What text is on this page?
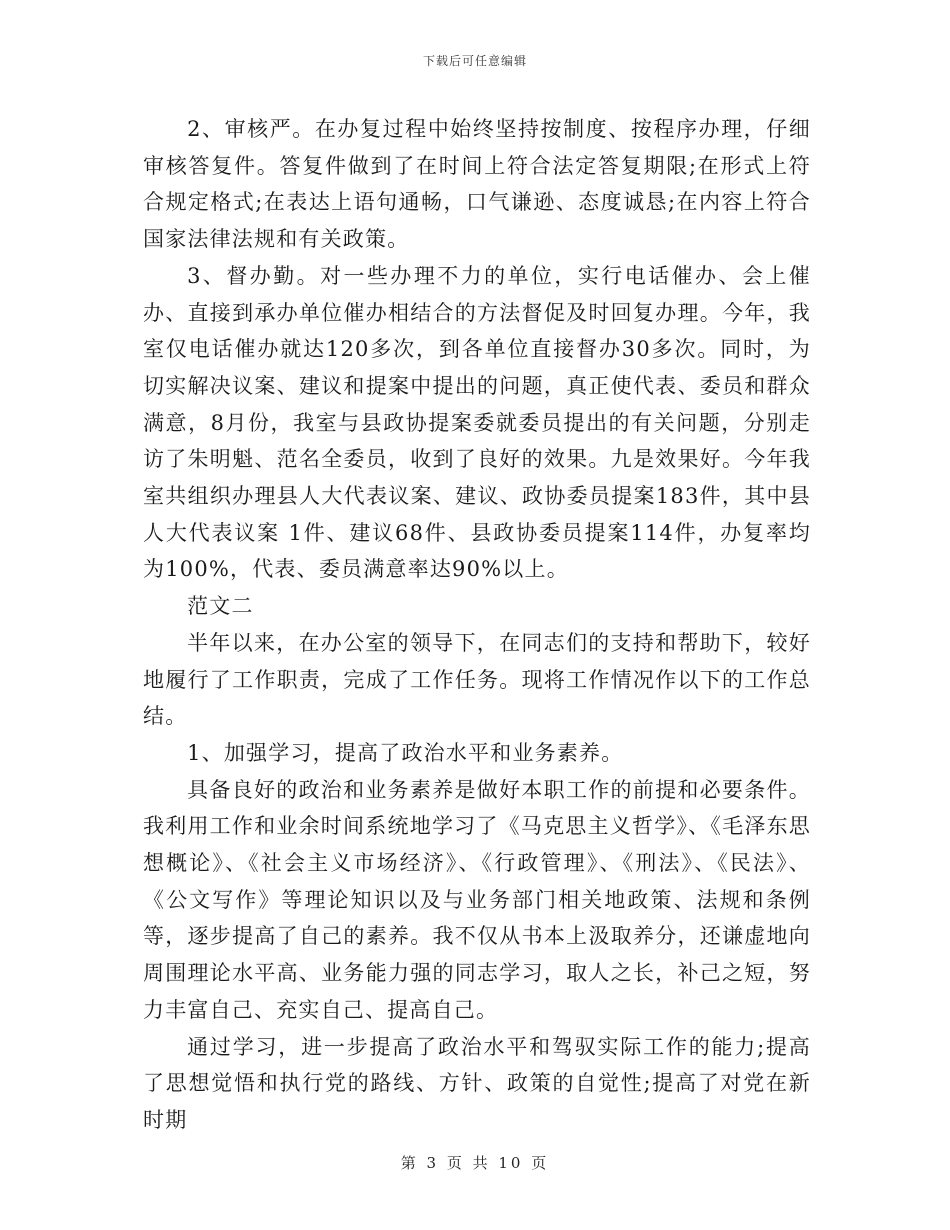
下载后可任意编辑

2、审核严。在办复过程中始终坚持按制度、按程序办理，仔细审核答复件。答复件做到了在时间上符合法定答复期限;在形式上符合规定格式;在表达上语句通畅，口气谦逊、态度诚恳;在内容上符合国家法律法规和有关政策。

3、督办勤。对一些办理不力的单位，实行电话催办、会上催办、直接到承办单位催办相结合的方法督促及时回复办理。今年，我室仅电话催办就达120多次，到各单位直接督办30多次。同时，为切实解决议案、建议和提案中提出的问题，真正使代表、委员和群众满意，8月份，我室与县政协提案委就委员提出的有关问题，分别走访了朱明魁、范名全委员，收到了良好的效果。九是效果好。今年我室共组织办理县人大代表议案、建议、政协委员提案183件，其中县人大代表议案 1件、建议68件、县政协委员提案114件，办复率均为100%，代表、委员满意率达90%以上。

范文二

半年以来，在办公室的领导下，在同志们的支持和帮助下，较好地履行了工作职责，完成了工作任务。现将工作情况作以下的工作总结。

1、加强学习，提高了政治水平和业务素养。

具备良好的政治和业务素养是做好本职工作的前提和必要条件。我利用工作和业余时间系统地学习了《马克思主义哲学》、《毛泽东思想概论》、《社会主义市场经济》、《行政管理》、《刑法》、《民法》、《公文写作》等理论知识以及与业务部门相关地政策、法规和条例等，逐步提高了自己的素养。我不仅从书本上汲取养分，还谦虚地向周围理论水平高、业务能力强的同志学习，取人之长，补己之短，努力丰富自己、充实自己、提高自己。

通过学习，进一步提高了政治水平和驾驭实际工作的能力;提高了思想觉悟和执行党的路线、方针、政策的自觉性;提高了对党在新时期

第 3 页 共 10 页
